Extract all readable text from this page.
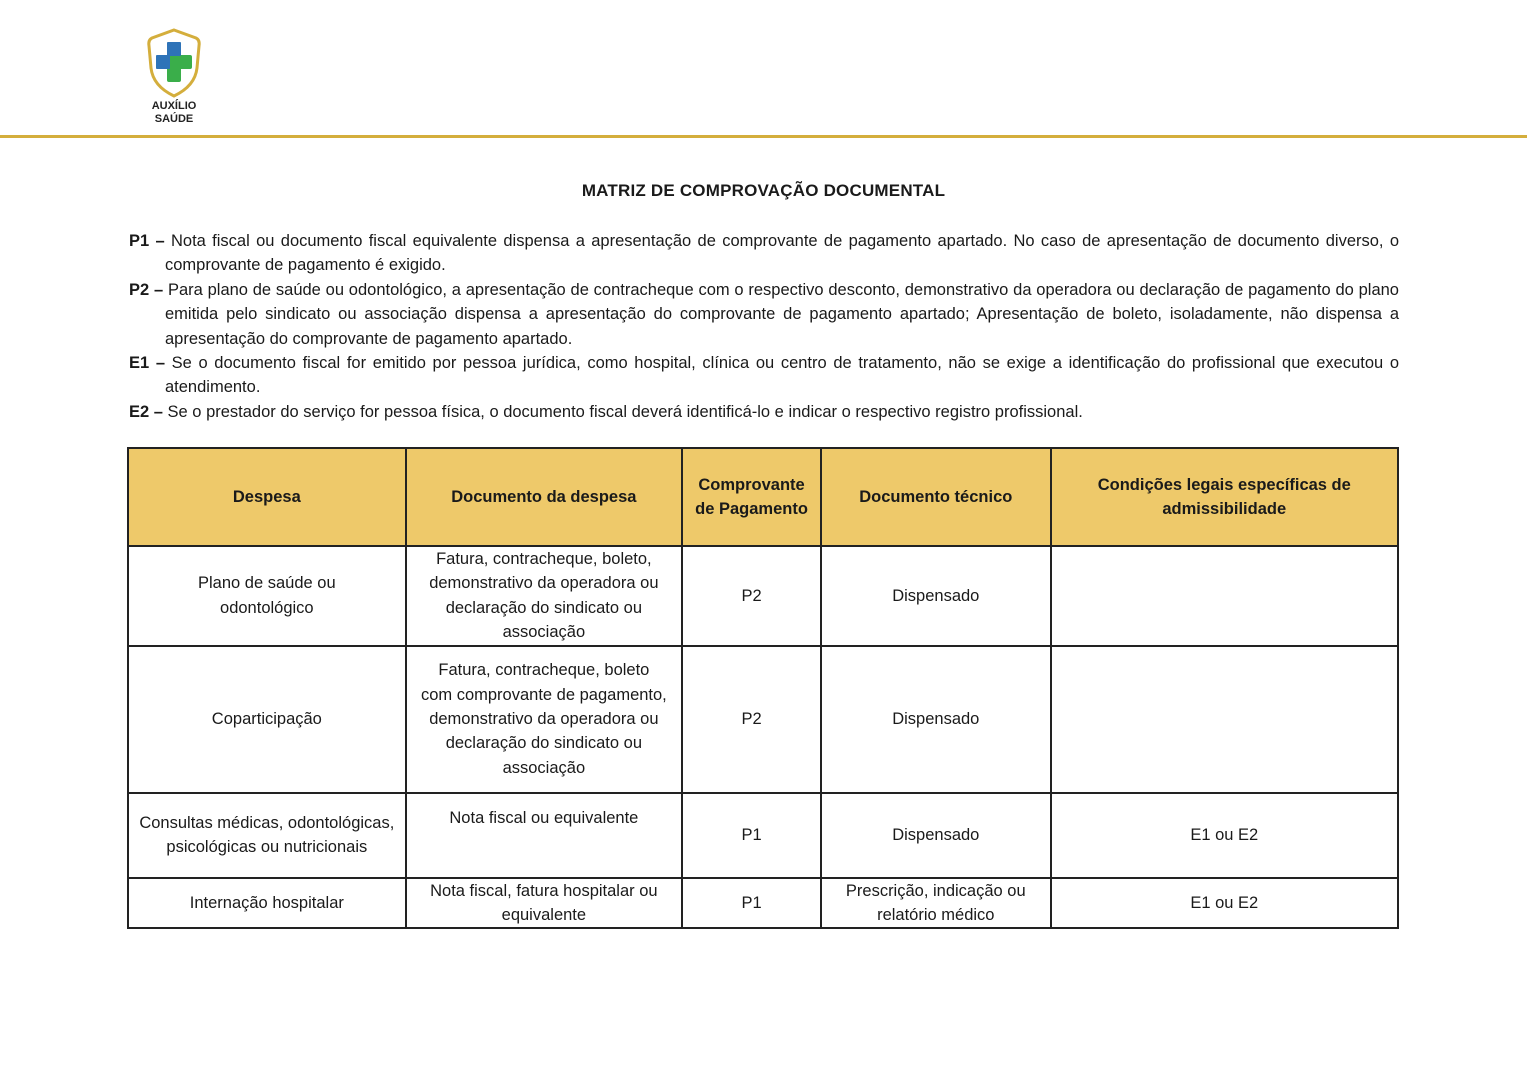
AUXÍLIO
SAÚDE
MATRIZ DE COMPROVAÇÃO DOCUMENTAL

P1 – Nota fiscal ou documento fiscal equivalente dispensa a apresentação de comprovante de pagamento apartado. No caso de apresentação de documento diverso, o comprovante de pagamento é exigido.

P2 – Para plano de saúde ou odontológico, a apresentação de contracheque com o respectivo desconto, demonstrativo da operadora ou declaração de pagamento do plano emitida pelo sindicato ou associação dispensa a apresentação do comprovante de pagamento apartado; Apresentação de boleto, isoladamente, não dispensa a apresentação do comprovante de pagamento apartado.

E1 – Se o documento fiscal for emitido por pessoa jurídica, como hospital, clínica ou centro de tratamento, não se exige a identificação do profissional que executou o atendimento.

E2 – Se o prestador do serviço for pessoa física, o documento fiscal deverá identificá-lo e indicar o respectivo registro profissional.

Despesa	Documento da despesa	Comprovante de Pagamento	Documento técnico	Condições legais específicas de admissibilidade
Plano de saúde ou odontológico	Fatura, contracheque, boleto, demonstrativo da operadora ou declaração do sindicato ou associação	P2	Dispensado	
Coparticipação	Fatura, contracheque, boleto com comprovante de pagamento, demonstrativo da operadora ou declaração do sindicato ou associação	P2	Dispensado	
Consultas médicas, odontológicas, psicológicas ou nutricionais	Nota fiscal ou equivalente	P1	Dispensado	E1 ou E2
Internação hospitalar	Nota fiscal, fatura hospitalar ou equivalente	P1	Prescrição, indicação ou relatório médico	E1 ou E2
